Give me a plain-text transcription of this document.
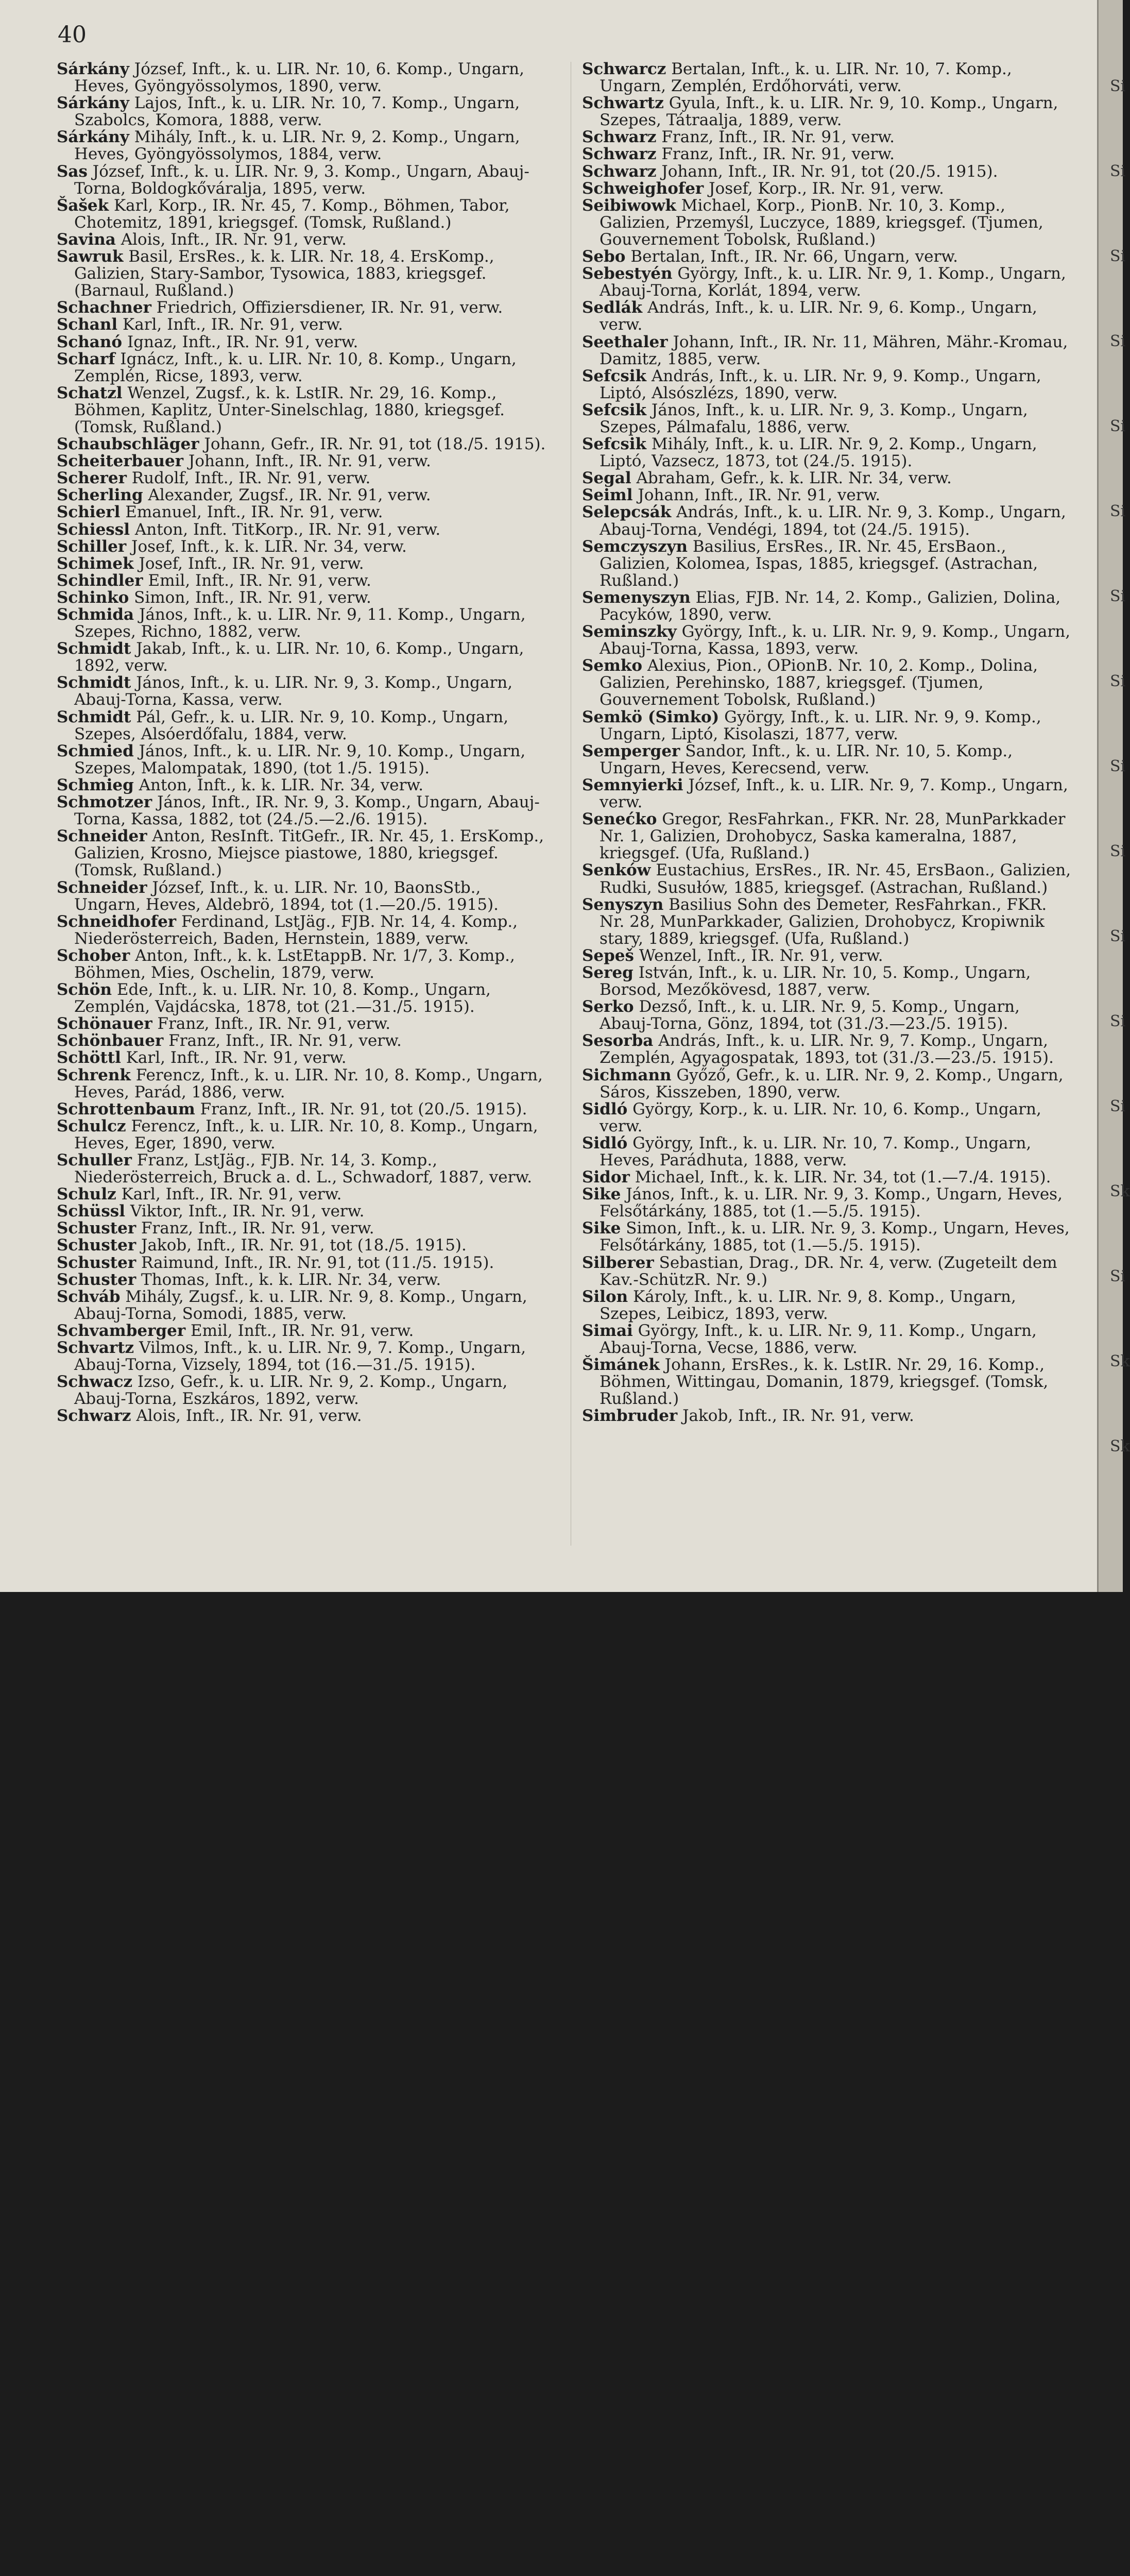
40
Sárkány József, Inft., k. u. LIR. Nr. 10, 6. Komp., Ungarn, Heves, Gyöngyössolymos, 1890, verw.
Sárkány Lajos, Inft., k. u. LIR. Nr. 10, 7. Komp., Ungarn, Szabolcs, Komora, 1888, verw.
Sárkány Mihály, Inft., k. u. LIR. Nr. 9, 2. Komp., Ungarn, Heves, Gyöngyössolymos, 1884, verw.
Sas József, Inft., k. u. LIR. Nr. 9, 3. Komp., Ungarn, Abauj-Torna, Boldogkőváralja, 1895, verw.
Šašek Karl, Korp., IR. Nr. 45, 7. Komp., Böhmen, Tabor, Chotemitz, 1891, kriegsgef. (Tomsk, Rußland.)
Savina Alois, Inft., IR. Nr. 91, verw.
Sawruk Basil, ErsRes., k. k. LIR. Nr. 18, 4. ErsKomp., Galizien, Stary-Sambor, Tysowica, 1883, kriegsgef. (Barnaul, Rußland.)
Schachner Friedrich, Offiziersdiener, IR. Nr. 91, verw.
Schanl Karl, Inft., IR. Nr. 91, verw.
Schanó Ignaz, Inft., IR. Nr. 91, verw.
Scharf Ignácz, Inft., k. u. LIR. Nr. 10, 8. Komp., Ungarn, Zemplén, Ricse, 1893, verw.
Schatzl Wenzel, Zugsf., k. k. LstIR. Nr. 29, 16. Komp., Böhmen, Kaplitz, Unter-Sinelschlag, 1880, kriegsgef. (Tomsk, Rußland.)
Schaubschläger Johann, Gefr., IR. Nr. 91, tot (18./5. 1915).
Scheiterbauer Johann, Inft., IR. Nr. 91, verw.
Scherer Rudolf, Inft., IR. Nr. 91, verw.
Scherling Alexander, Zugsf., IR. Nr. 91, verw.
Schierl Emanuel, Inft., IR. Nr. 91, verw.
Schiessl Anton, Inft. TitKorp., IR. Nr. 91, verw.
Schiller Josef, Inft., k. k. LIR. Nr. 34, verw.
Schimek Josef, Inft., IR. Nr. 91, verw.
Schindler Emil, Inft., IR. Nr. 91, verw.
Schinko Simon, Inft., IR. Nr. 91, verw.
Schmida János, Inft., k. u. LIR. Nr. 9, 11. Komp., Ungarn, Szepes, Richno, 1882, verw.
Schmidt Jakab, Inft., k. u. LIR. Nr. 10, 6. Komp., Ungarn, 1892, verw.
Schmidt János, Inft., k. u. LIR. Nr. 9, 3. Komp., Ungarn, Abauj-Torna, Kassa, verw.
Schmidt Pál, Gefr., k. u. LIR. Nr. 9, 10. Komp., Ungarn, Szepes, Alsóerdőfalu, 1884, verw.
Schmied János, Inft., k. u. LIR. Nr. 9, 10. Komp., Ungarn, Szepes, Malompatak, 1890, (tot 1./5. 1915).
Schmieg Anton, Inft., k. k. LIR. Nr. 34, verw.
Schmotzer János, Inft., IR. Nr. 9, 3. Komp., Ungarn, Abauj-Torna, Kassa, 1882, tot (24./5.—2./6. 1915).
Schneider Anton, ResInft. TitGefr., IR. Nr. 45, 1. ErsKomp., Galizien, Krosno, Miejsce piastowe, 1880, kriegsgef. (Tomsk, Rußland.)
Schneider József, Inft., k. u. LIR. Nr. 10, BaonsStb., Ungarn, Heves, Aldebrö, 1894, tot (1.—20./5. 1915).
Schneidhofer Ferdinand, LstJäg., FJB. Nr. 14, 4. Komp., Niederösterreich, Baden, Hernstein, 1889, verw.
Schober Anton, Inft., k. k. LstEtappB. Nr. 1/7, 3. Komp., Böhmen, Mies, Oschelin, 1879, verw.
Schön Ede, Inft., k. u. LIR. Nr. 10, 8. Komp., Ungarn, Zemplén, Vajdácska, 1878, tot (21.—31./5. 1915).
Schönauer Franz, Inft., IR. Nr. 91, verw.
Schönbauer Franz, Inft., IR. Nr. 91, verw.
Schöttl Karl, Inft., IR. Nr. 91, verw.
Schrenk Ferencz, Inft., k. u. LIR. Nr. 10, 8. Komp., Ungarn, Heves, Parád, 1886, verw.
Schrottenbaum Franz, Inft., IR. Nr. 91, tot (20./5. 1915).
Schulcz Ferencz, Inft., k. u. LIR. Nr. 10, 8. Komp., Ungarn, Heves, Eger, 1890, verw.
Schuller Franz, LstJäg., FJB. Nr. 14, 3. Komp., Niederösterreich, Bruck a. d. L., Schwadorf, 1887, verw.
Schulz Karl, Inft., IR. Nr. 91, verw.
Schüssl Viktor, Inft., IR. Nr. 91, verw.
Schuster Franz, Inft., IR. Nr. 91, verw.
Schuster Jakob, Inft., IR. Nr. 91, tot (18./5. 1915).
Schuster Raimund, Inft., IR. Nr. 91, tot (11./5. 1915).
Schuster Thomas, Inft., k. k. LIR. Nr. 34, verw.
Schváb Mihály, Zugsf., k. u. LIR. Nr. 9, 8. Komp., Ungarn, Abauj-Torna, Somodi, 1885, verw.
Schvamberger Emil, Inft., IR. Nr. 91, verw.
Schvartz Vilmos, Inft., k. u. LIR. Nr. 9, 7. Komp., Ungarn, Abauj-Torna, Vizsely, 1894, tot (16.—31./5. 1915).
Schwacz Izso, Gefr., k. u. LIR. Nr. 9, 2. Komp., Ungarn, Abauj-Torna, Eszkáros, 1892, verw.
Schwarz Alois, Inft., IR. Nr. 91, verw.
Schwarcz Bertalan, Inft., k. u. LIR. Nr. 10, 7. Komp., Ungarn, Zemplén, Erdőhorváti, verw.
Schwartz Gyula, Inft., k. u. LIR. Nr. 9, 10. Komp., Ungarn, Szepes, Tátraalja, 1889, verw.
Schwarz Franz, Inft., IR. Nr. 91, verw.
Schwarz Franz, Inft., IR. Nr. 91, verw.
Schwarz Johann, Inft., IR. Nr. 91, tot (20./5. 1915).
Schweighofer Josef, Korp., IR. Nr. 91, verw.
Seibiwowk Michael, Korp., PionB. Nr. 10, 3. Komp., Galizien, Przemyśl, Luczyce, 1889, kriegsgef. (Tjumen, Gouvernement Tobolsk, Rußland.)
Sebo Bertalan, Inft., IR. Nr. 66, Ungarn, verw.
Sebestyén György, Inft., k. u. LIR. Nr. 9, 1. Komp., Ungarn, Abauj-Torna, Korlát, 1894, verw.
Sedlák András, Inft., k. u. LIR. Nr. 9, 6. Komp., Ungarn, verw.
Seethaler Johann, Inft., IR. Nr. 11, Mähren, Mähr.-Kromau, Damitz, 1885, verw.
Sefcsik András, Inft., k. u. LIR. Nr. 9, 9. Komp., Ungarn, Liptó, Alsószlézs, 1890, verw.
Sefcsik János, Inft., k. u. LIR. Nr. 9, 3. Komp., Ungarn, Szepes, Pálmafalu, 1886, verw.
Sefcsik Mihály, Inft., k. u. LIR. Nr. 9, 2. Komp., Ungarn, Liptó, Vazsecz, 1873, tot (24./5. 1915).
Segal Abraham, Gefr., k. k. LIR. Nr. 34, verw.
Seiml Johann, Inft., IR. Nr. 91, verw.
Selepcsák András, Inft., k. u. LIR. Nr. 9, 3. Komp., Ungarn, Abauj-Torna, Vendégi, 1894, tot (24./5. 1915).
Semczyszyn Basilius, ErsRes., IR. Nr. 45, ErsBaon., Galizien, Kolomea, Ispas, 1885, kriegsgef. (Astrachan, Rußland.)
Semenyszyn Elias, FJB. Nr. 14, 2. Komp., Galizien, Dolina, Pacyków, 1890, verw.
Seminszky György, Inft., k. u. LIR. Nr. 9, 9. Komp., Ungarn, Abauj-Torna, Kassa, 1893, verw.
Semko Alexius, Pion., OPionB. Nr. 10, 2. Komp., Dolina, Galizien, Perehinsko, 1887, kriegsgef. (Tjumen, Gouvernement Tobolsk, Rußland.)
Semkö (Simko) György, Inft., k. u. LIR. Nr. 9, 9. Komp., Ungarn, Liptó, Kisolaszi, 1877, verw.
Semperger Sandor, Inft., k. u. LIR. Nr. 10, 5. Komp., Ungarn, Heves, Kerecsend, verw.
Semnyierki József, Inft., k. u. LIR. Nr. 9, 7. Komp., Ungarn, verw.
Senećko Gregor, ResFahrkan., FKR. Nr. 28, MunParkkader Nr. 1, Galizien, Drohobycz, Saska kameralna, 1887, kriegsgef. (Ufa, Rußland.)
Senków Eustachius, ErsRes., IR. Nr. 45, ErsBaon., Galizien, Rudki, Susułów, 1885, kriegsgef. (Astrachan, Rußland.)
Senyszyn Basilius Sohn des Demeter, ResFahrkan., FKR. Nr. 28, MunParkkader, Galizien, Drohobycz, Kropiwnik stary, 1889, kriegsgef. (Ufa, Rußland.)
Sepeš Wenzel, Inft., IR. Nr. 91, verw.
Sereg István, Inft., k. u. LIR. Nr. 10, 5. Komp., Ungarn, Borsod, Mezőkövesd, 1887, verw.
Serko Dezső, Inft., k. u. LIR. Nr. 9, 5. Komp., Ungarn, Abauj-Torna, Gönz, 1894, tot (31./3.—23./5. 1915).
Sesorba András, Inft., k. u. LIR. Nr. 9, 7. Komp., Ungarn, Zemplén, Agyagospatak, 1893, tot (31./3.—23./5. 1915).
Sichmann Győző, Gefr., k. u. LIR. Nr. 9, 2. Komp., Ungarn, Sáros, Kisszeben, 1890, verw.
Sidló György, Korp., k. u. LIR. Nr. 10, 6. Komp., Ungarn, verw.
Sidló György, Inft., k. u. LIR. Nr. 10, 7. Komp., Ungarn, Heves, Parádhuta, 1888, verw.
Sidor Michael, Inft., k. k. LIR. Nr. 34, tot (1.—7./4. 1915).
Sike János, Inft., k. u. LIR. Nr. 9, 3. Komp., Ungarn, Heves, Felsőtárkány, 1885, tot (1.—5./5. 1915).
Sike Simon, Inft., k. u. LIR. Nr. 9, 3. Komp., Ungarn, Heves, Felsőtárkány, 1885, tot (1.—5./5. 1915).
Silberer Sebastian, Drag., DR. Nr. 4, verw. (Zugeteilt dem Kav.-SchützR. Nr. 9.)
Silon Károly, Inft., k. u. LIR. Nr. 9, 8. Komp., Ungarn, Szepes, Leibicz, 1893, verw.
Simai György, Inft., k. u. LIR. Nr. 9, 11. Komp., Ungarn, Abauj-Torna, Vecse, 1886, verw.
Šimánek Johann, ErsRes., k. k. LstIR. Nr. 29, 16. Komp., Böhmen, Wittingau, Domanin, 1879, kriegsgef. (Tomsk, Rußland.)
Simbruder Jakob, Inft., IR. Nr. 91, verw.
Si
Si
Si
Si
Si
Si
Si
Si
Si
Si
Si
Si
Si
Sk
Si
Sk
Sk
